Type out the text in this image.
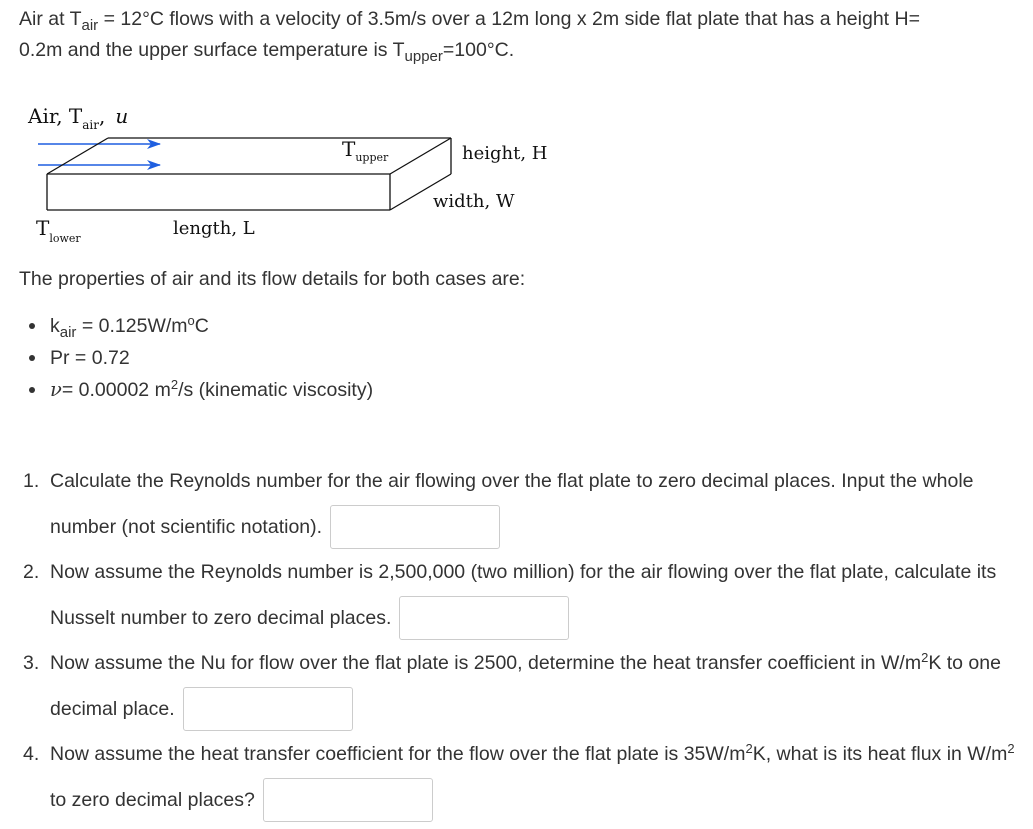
Air at $T_{air} = 12^\circ C$ flows with a velocity of 3.5m/s over a 12m long x 2m side flat plate that has a height H=
0.2m and the upper surface temperature is $T_{upper}=100^\circ C$.

Air, $T_{air}$, u
$T_{upper}$	height, H
width, W
$T_{lower}$	length, L

The properties of air and its flow details for both cases are:

$k_{air} = 0.125W/m^oC$
Pr = 0.72
ν= 0.00002 $m^2/s$ (kinematic viscosity)
1. Calculate the Reynolds number for the air flowing over the flat plate to zero decimal places. Input the whole number (not scientific notation).
2. Now assume the Reynolds number is 2,500,000 (two million) for the air flowing over the flat plate, calculate its Nusselt number to zero decimal places.
3. Now assume the Nu for flow over the flat plate is 2500, determine the heat transfer coefficient in $W/m^2K$ to one decimal place.
4. Now assume the heat transfer coefficient for the flow over the flat plate is $35W/m^2K$, what is its heat flux in $W/m^2$ to zero decimal places?
